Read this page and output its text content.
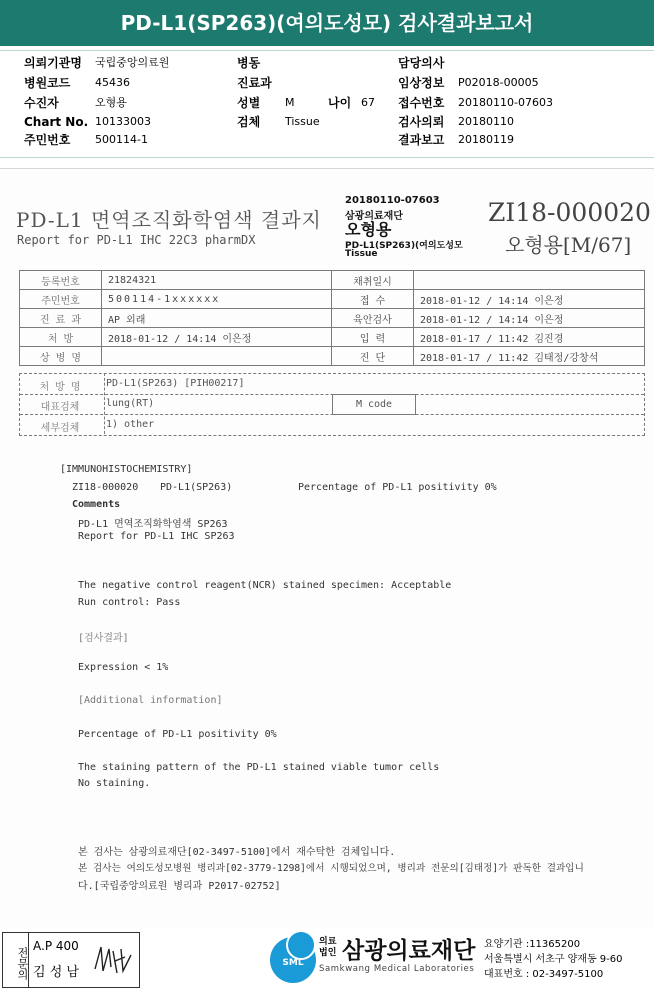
PD-L1(SP263)(여의도성모) 검사결과보고서
의뢰기관명 국립중앙의료원
병원코드 45436
수진자	오형용
Chart No. 10133003
주민번호 500114-1
병동
진료과
성별 M	나이 67
검체 Tissue
담당의사
임상정보 P02018-00005
접수번호 20180110-07603
검사의뢰 20180110
결과보고 20180119
PD-L1 면역조직화학염색 결과지
Report for PD-L1 IHC 22C3 pharmDX
20180110-07603
삼광의료재단
오형용
PD-L1(SP263)(여의도성모
Tissue
ZI18-000020
오형용[M/67]
등록번호	21824321	채취일시	
주민번호	500114-1xxxxxx	접 수	2018-01-12 / 14:14 이은정
진 료 과	AP 외래	육안검사	2018-01-12 / 14:14 이은정
처 방	2018-01-12 / 14:14 이은정	입 력	2018-01-17 / 11:42 김진경
상 병 명		진 단	2018-01-17 / 11:42 김태정/강창석
처 방 명	PD-L1(SP263) [PIH00217]
대표검체	lung(RT)	M code
세부검체	1) other
[IMMUNOHISTOCHEMISTRY]
ZI18-000020 PD-L1(SP263)	Percentage of PD-L1 positivity 0%
Comments
PD-L1 면역조직화학염색 SP263
Report for PD-L1 IHC SP263
The negative control reagent(NCR) stained specimen: Acceptable
Run control: Pass
[검사결과]
Expression < 1%
[Additional information]
Percentage of PD-L1 positivity 0%
The staining pattern of the PD-L1 stained viable tumor cells
No staining.
본 검사는 삼광의료재단[02-3497-5100]에서 재수탁한 검체입니다.
본 검사는 여의도성모병원 병리과[02-3779-1298]에서 시행되었으며, 병리과 전문의[김태정]가 판독한 결과입니
다.[국립중앙의료원 병리과 P2017-02752]
전문의
A.P 400
김 성 남
SML
의료
법인 삼광의료재단
Samkwang Medical Laboratories
요양기관 :11365200
서울특별시 서초구 양재동 9-60
대표번호 : 02-3497-5100
